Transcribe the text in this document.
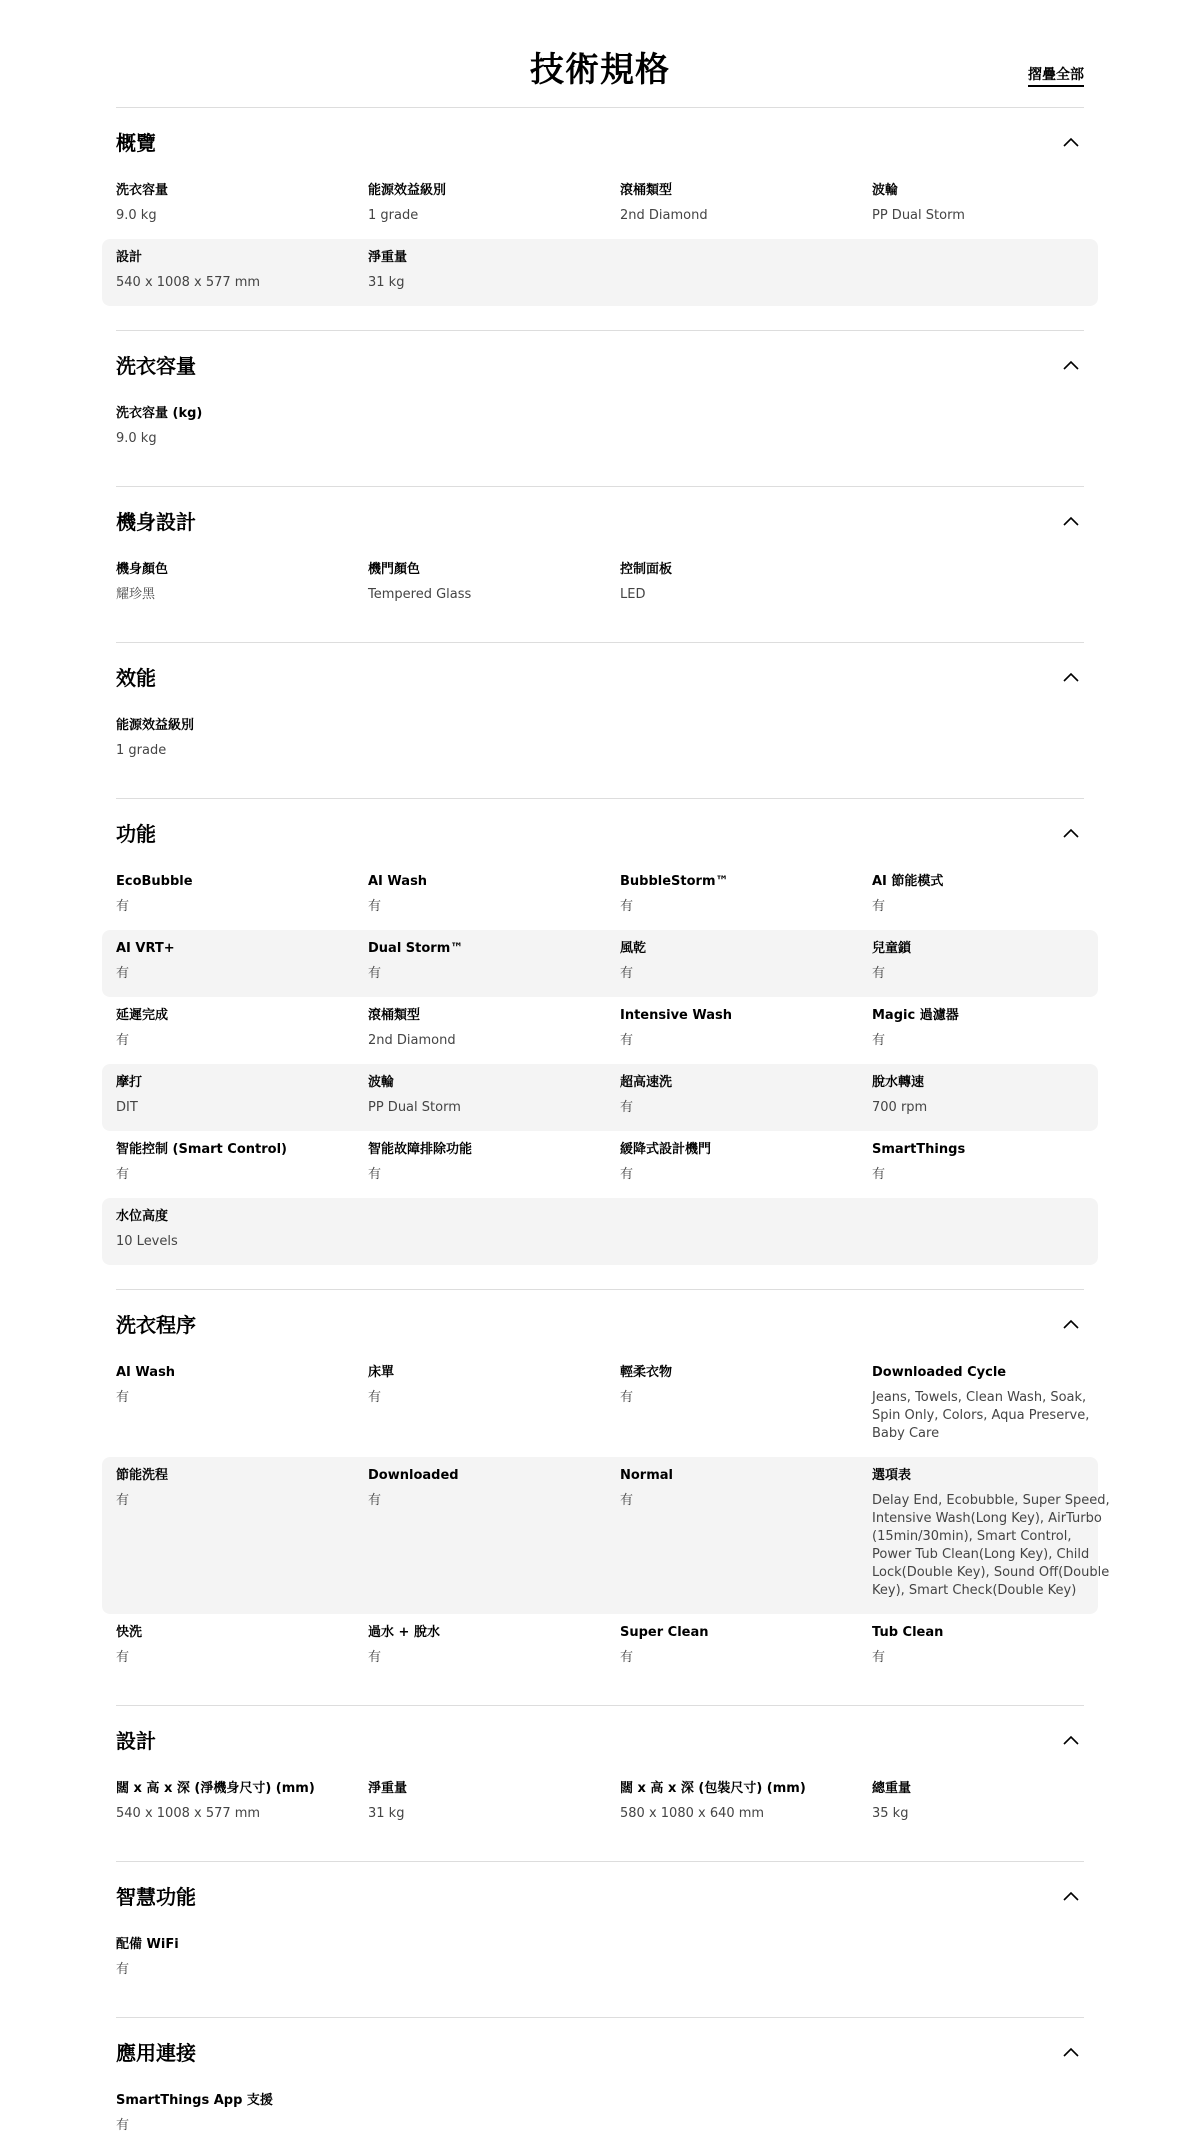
技術規格	摺疊全部
概覽
洗衣容量
9.0 kg
能源效益級別
1 grade
滾桶類型
2nd Diamond
波輪
PP Dual Storm
設計
540 x 1008 x 577 mm
淨重量
31 kg
洗衣容量
洗衣容量 (kg)
9.0 kg
機身設計
機身顏色
耀珍黑
機門顏色
Tempered Glass
控制面板
LED
效能
能源效益級別
1 grade
功能
EcoBubble
有
AI Wash
有
BubbleStorm™
有
AI 節能模式
有
AI VRT+
有
Dual Storm™
有
風乾
有
兒童鎖
有
延遲完成
有
滾桶類型
2nd Diamond
Intensive Wash
有
Magic 過濾器
有
摩打
DIT
波輪
PP Dual Storm
超高速洗
有
脫水轉速
700 rpm
智能控制 (Smart Control)
有
智能故障排除功能
有
緩降式設計機門
有
SmartThings
有
水位高度
10 Levels
洗衣程序
AI Wash
有
床單
有
輕柔衣物
有
Downloaded Cycle
Jeans, Towels, Clean Wash, Soak, Spin Only, Colors, Aqua Preserve, Baby Care
節能洗程
有
Downloaded
有
Normal
有
選項表
Delay End, Ecobubble, Super Speed, Intensive Wash(Long Key), AirTurbo (15min/30min), Smart Control, Power Tub Clean(Long Key), Child Lock(Double Key), Sound Off(Double Key), Smart Check(Double Key)
快洗
有
過水 + 脫水
有
Super Clean
有
Tub Clean
有
設計
闊 x 高 x 深 (淨機身尺寸) (mm)
540 x 1008 x 577 mm
淨重量
31 kg
闊 x 高 x 深 (包裝尺寸) (mm)
580 x 1080 x 640 mm
總重量
35 kg
智慧功能
配備 WiFi
有
應用連接
SmartThings App 支援
有
